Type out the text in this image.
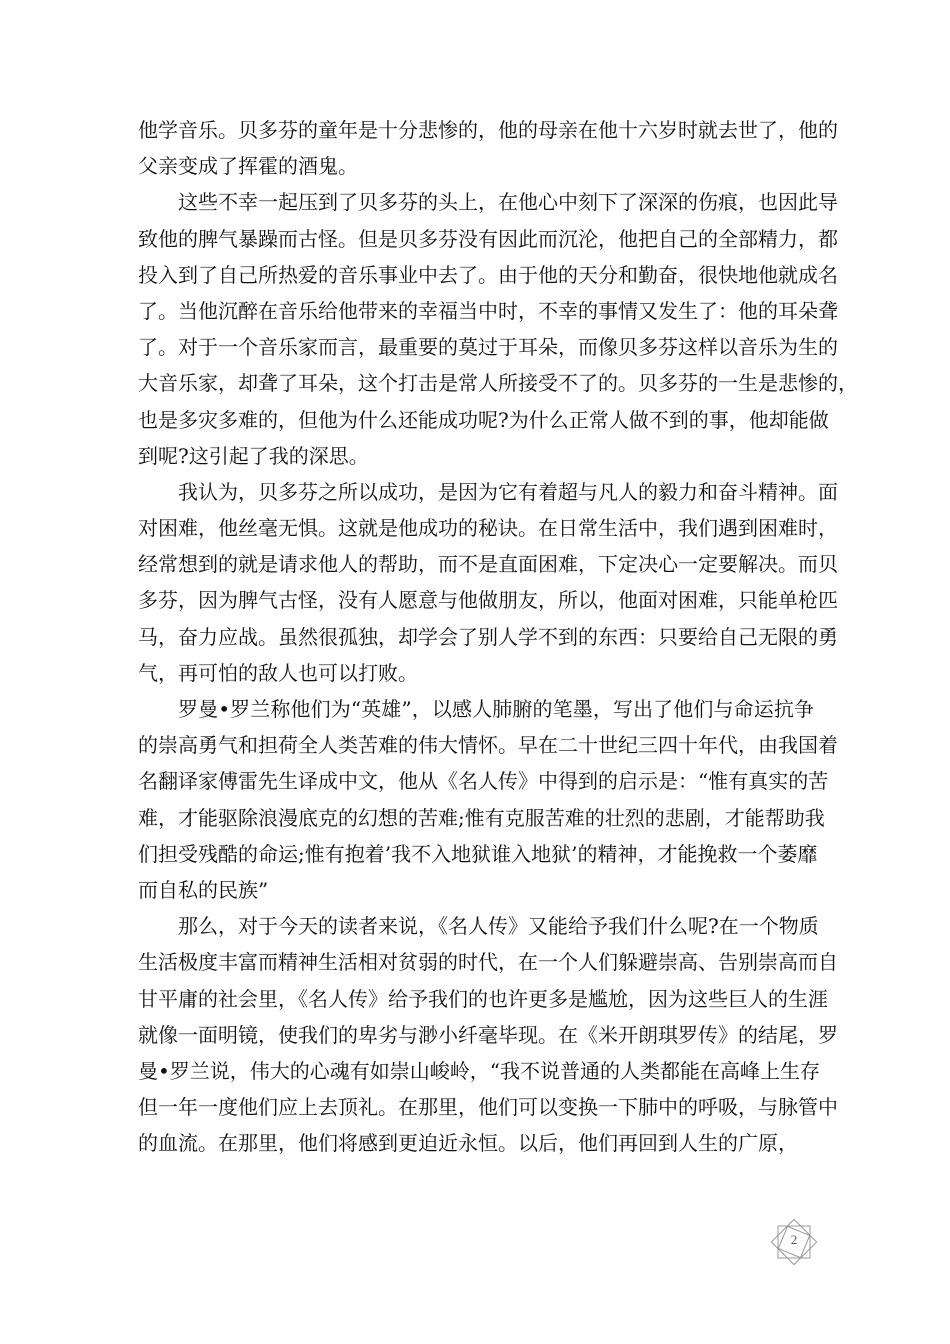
他学音乐。贝多芬的童年是十分悲惨的，他的母亲在他十六岁时就去世了，他的
父亲变成了挥霍的酒鬼。
这些不幸一起压到了贝多芬的头上，在他心中刻下了深深的伤痕，也因此导
致他的脾气暴躁而古怪。但是贝多芬没有因此而沉沦，他把自己的全部精力，都
投入到了自己所热爱的音乐事业中去了。由于他的天分和勤奋，很快地他就成名
了。当他沉醉在音乐给他带来的幸福当中时，不幸的事情又发生了：他的耳朵聋
了。对于一个音乐家而言，最重要的莫过于耳朵，而像贝多芬这样以音乐为生的
大音乐家，却聋了耳朵，这个打击是常人所接受不了的。贝多芬的一生是悲惨的，
也是多灾多难的，但他为什么还能成功呢?为什么正常人做不到的事，他却能做
到呢?这引起了我的深思。
我认为，贝多芬之所以成功，是因为它有着超与凡人的毅力和奋斗精神。面
对困难，他丝毫无惧。这就是他成功的秘诀。在日常生活中，我们遇到困难时，
经常想到的就是请求他人的帮助，而不是直面困难，下定决心一定要解决。而贝
多芬，因为脾气古怪，没有人愿意与他做朋友，所以，他面对困难，只能单枪匹
马，奋力应战。虽然很孤独，却学会了别人学不到的东西：只要给自己无限的勇
气，再可怕的敌人也可以打败。
罗曼•罗兰称他们为“英雄”，以感人肺腑的笔墨，写出了他们与命运抗争
的崇高勇气和担荷全人类苦难的伟大情怀。早在二十世纪三四十年代，由我国着
名翻译家傅雷先生译成中文，他从《名人传》中得到的启示是：“惟有真实的苦
难，才能驱除浪漫底克的幻想的苦难;惟有克服苦难的壮烈的悲剧，才能帮助我
们担受残酷的命运;惟有抱着’我不入地狱谁入地狱’的精神，才能挽救一个萎靡
而自私的民族”
那么，对于今天的读者来说，《名人传》又能给予我们什么呢?在一个物质
生活极度丰富而精神生活相对贫弱的时代，在一个人们躲避崇高、告别崇高而自
甘平庸的社会里，《名人传》给予我们的也许更多是尴尬，因为这些巨人的生涯
就像一面明镜，使我们的卑劣与渺小纤毫毕现。在《米开朗琪罗传》的结尾，罗
曼•罗兰说，伟大的心魂有如崇山峻岭，“我不说普通的人类都能在高峰上生存
但一年一度他们应上去顶礼。在那里，他们可以变换一下肺中的呼吸，与脉管中
的血流。在那里，他们将感到更迫近永恒。以后，他们再回到人生的广原，
2
